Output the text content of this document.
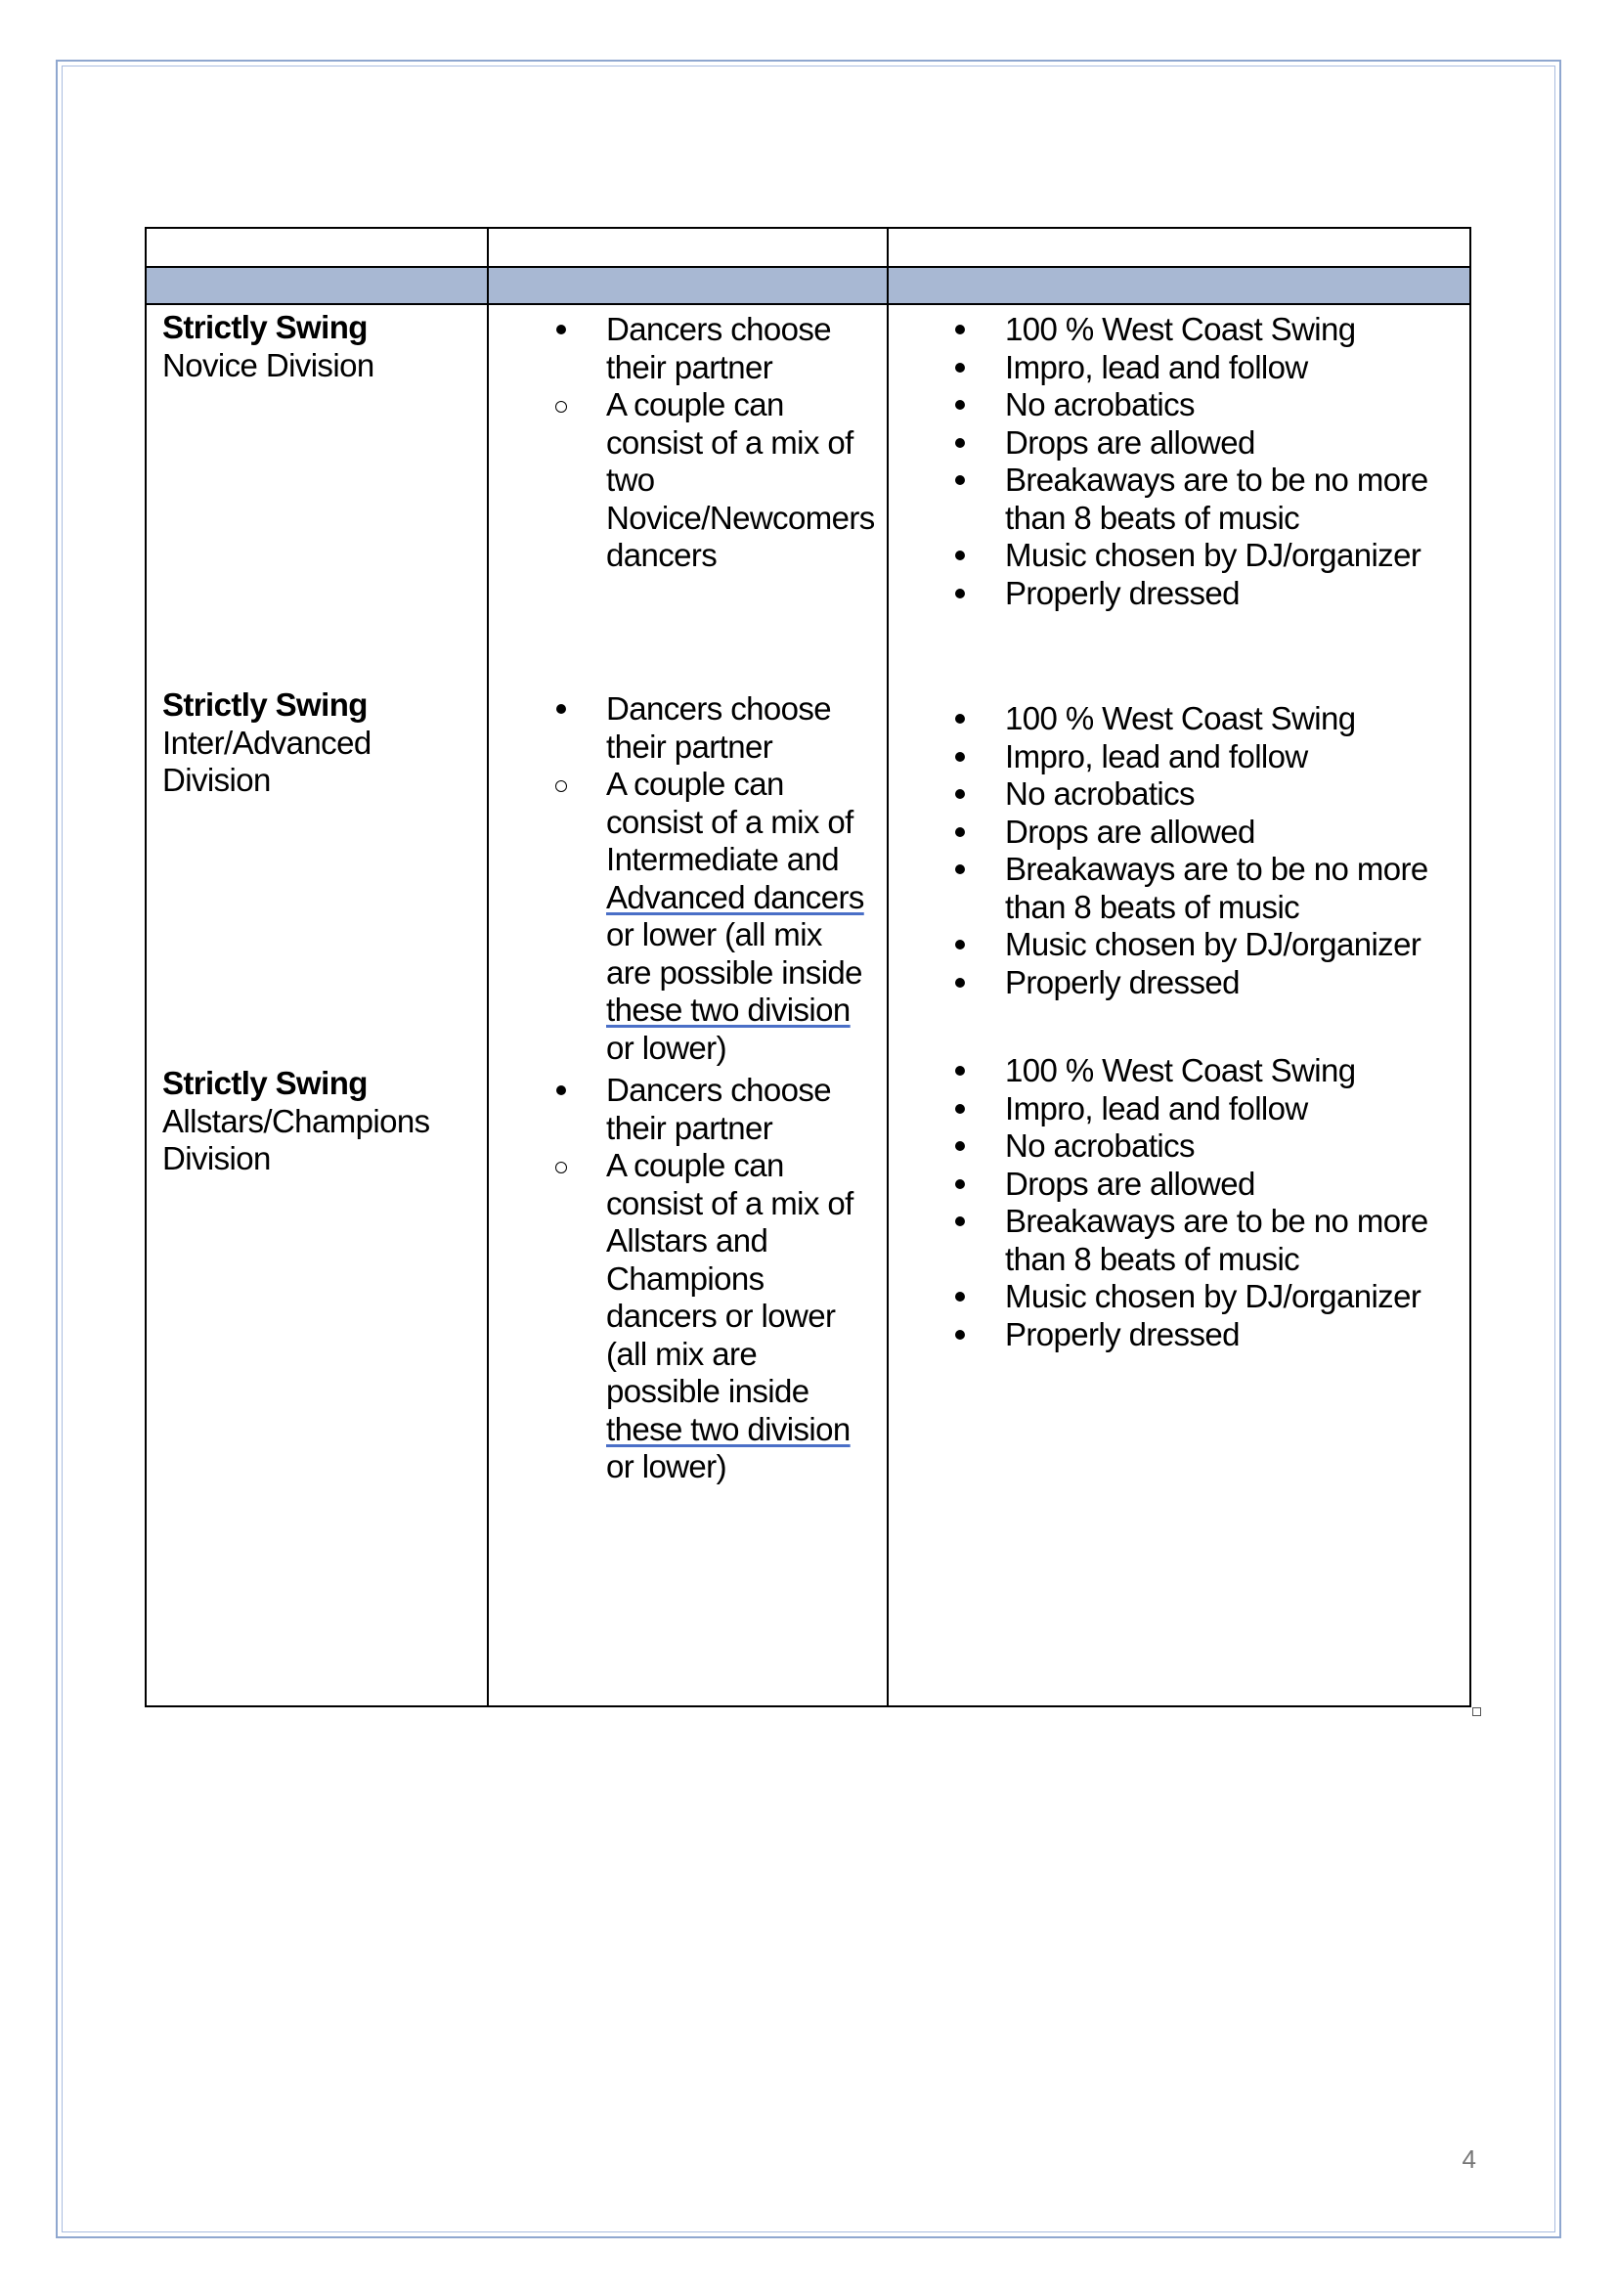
Strictly Swing
Novice Division
Dancers choose their partner
A couple can consist of a mix of two Novice/Newcomers dancers
100 % West Coast Swing
Impro, lead and follow
No acrobatics
Drops are allowed
Breakaways are to be no more than 8 beats of music
Music chosen by DJ/organizer
Properly dressed
Strictly Swing
Inter/Advanced Division
Dancers choose their partner
A couple can consist of a mix of Intermediate and Advanced dancers or lower (all mix are possible inside these two division or lower)
100 % West Coast Swing
Impro, lead and follow
No acrobatics
Drops are allowed
Breakaways are to be no more than 8 beats of music
Music chosen by DJ/organizer
Properly dressed
Strictly Swing
Allstars/Champions Division
Dancers choose their partner
A couple can consist of a mix of Allstars and Champions dancers or lower (all mix are possible inside these two division or lower)
100 % West Coast Swing
Impro, lead and follow
No acrobatics
Drops are allowed
Breakaways are to be no more than 8 beats of music
Music chosen by DJ/organizer
Properly dressed
4
